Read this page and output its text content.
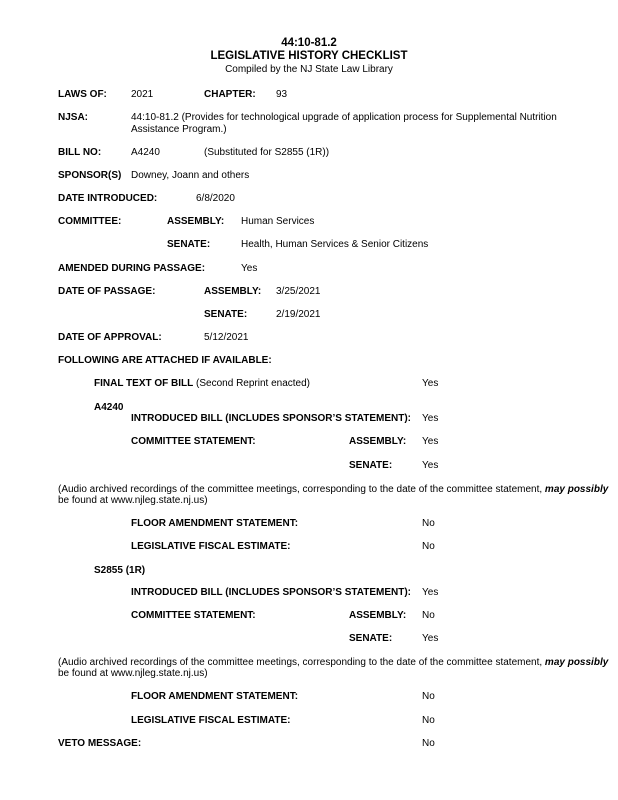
44:10-81.2
LEGISLATIVE HISTORY CHECKLIST
Compiled by the NJ State Law Library
LAWS OF: 2021	CHAPTER: 93
NJSA:	44:10-81.2 (Provides for technological upgrade of application process for Supplemental Nutrition Assistance Program.)
BILL NO:	A4240	(Substituted for S2855 (1R))
SPONSOR(S) Downey, Joann and others
DATE INTRODUCED:	6/8/2020
COMMITTEE:	ASSEMBLY: Human Services
SENATE:	Health, Human Services & Senior Citizens
AMENDED DURING PASSAGE:	Yes
DATE OF PASSAGE:	ASSEMBLY: 3/25/2021
SENATE:	2/19/2021
DATE OF APPROVAL:	5/12/2021
FOLLOWING ARE ATTACHED IF AVAILABLE:
FINAL TEXT OF BILL (Second Reprint enacted)	Yes
A4240
INTRODUCED BILL (INCLUDES SPONSOR’S STATEMENT): Yes
COMMITTEE STATEMENT:	ASSEMBLY: Yes
SENATE:	Yes
(Audio archived recordings of the committee meetings, corresponding to the date of the committee statement, may possibly
be found at www.njleg.state.nj.us)
FLOOR AMENDMENT STATEMENT:	No
LEGISLATIVE FISCAL ESTIMATE:	No
S2855 (1R)
INTRODUCED BILL (INCLUDES SPONSOR’S STATEMENT): Yes
COMMITTEE STATEMENT:	ASSEMBLY: No
SENATE:	Yes
(Audio archived recordings of the committee meetings, corresponding to the date of the committee statement, may possibly
be found at www.njleg.state.nj.us)
FLOOR AMENDMENT STATEMENT:	No
LEGISLATIVE FISCAL ESTIMATE:	No
VETO MESSAGE:	No
